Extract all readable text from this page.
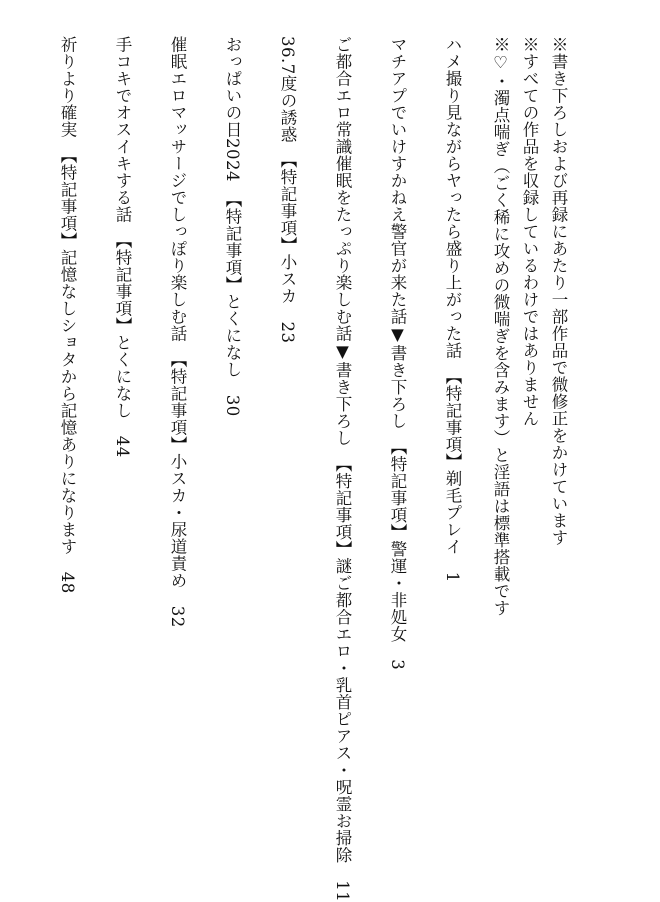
※書き下ろしおよび再録にあたり一部作品で微修正をかけています

※すべての作品を収録しているわけではありません

※♡・濁点喘ぎ（ごく稀に攻めの微喘ぎを含みます）と淫語は標準搭載です

ハメ撮り見ながらヤったら盛り上がった話　【特記事項】剃毛プレイ　1

マチアプでいけすかねえ警官が来た話▼書き下ろし　【特記事項】警運・非処女　3

ご都合エロ常識催眠をたっぷり楽しむ話▼書き下ろし　【特記事項】謎ご都合エロ・乳首ピアス・呪霊お掃除　11

36.7度の誘惑　【特記事項】小スカ　23

おっぱいの日2024　【特記事項】とくになし　30

催眠エロマッサージでしっぽり楽しむ話　【特記事項】小スカ・尿道責め　32

手コキでオスイキする話　【特記事項】とくになし　44

祈りより確実　【特記事項】記憶なしショタから記憶ありになります　48
